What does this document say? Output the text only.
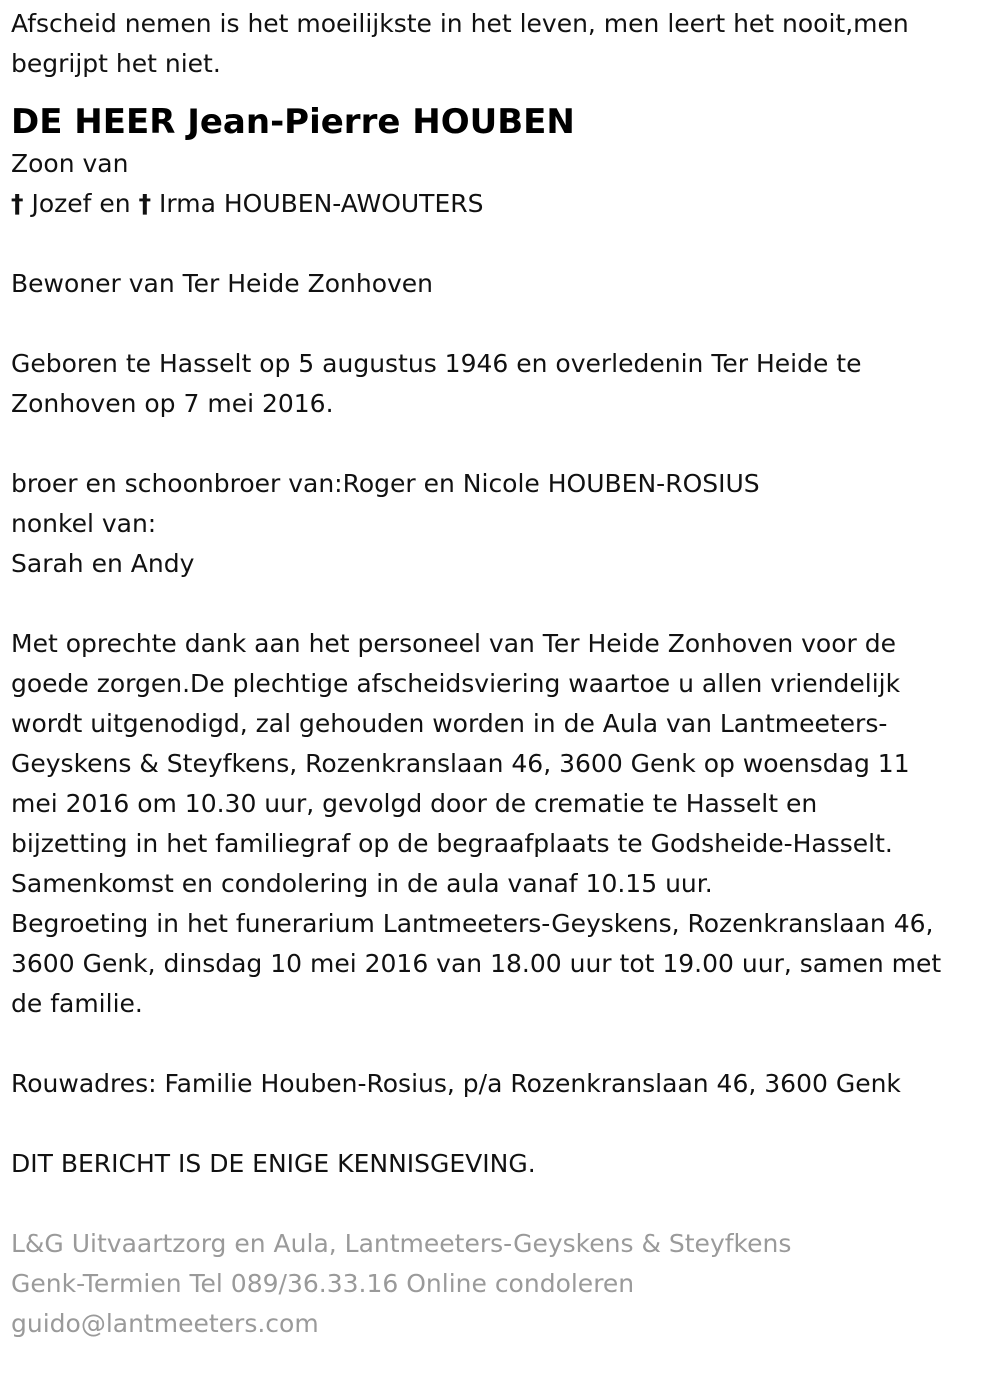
Afscheid nemen is het moeilijkste in het leven, men leert het nooit,men

begrijpt het niet.

DE HEER Jean-Pierre HOUBEN

Zoon van

† Jozef en † Irma HOUBEN-AWOUTERS

Bewoner van Ter Heide Zonhoven

Geboren te Hasselt op 5 augustus 1946 en overledenin Ter Heide te

Zonhoven op 7 mei 2016.

broer en schoonbroer van:Roger en Nicole HOUBEN-ROSIUS

nonkel van:

Sarah en Andy

Met oprechte dank aan het personeel van Ter Heide Zonhoven voor de

goede zorgen.De plechtige afscheidsviering waartoe u allen vriendelijk

wordt uitgenodigd, zal gehouden worden in de Aula van Lantmeeters-

Geyskens & Steyfkens, Rozenkranslaan 46, 3600 Genk op woensdag 11

mei 2016 om 10.30 uur, gevolgd door de crematie te Hasselt en

bijzetting in het familiegraf op de begraafplaats te Godsheide-Hasselt.

Samenkomst en condolering in de aula vanaf 10.15 uur.

Begroeting in het funerarium Lantmeeters-Geyskens, Rozenkranslaan 46,

3600 Genk, dinsdag 10 mei 2016 van 18.00 uur tot 19.00 uur, samen met

de familie.

Rouwadres: Familie Houben-Rosius, p/a Rozenkranslaan 46, 3600 Genk

DIT BERICHT IS DE ENIGE KENNISGEVING.

L&G Uitvaartzorg en Aula, Lantmeeters-Geyskens & Steyfkens

Genk-Termien Tel 089/36.33.16 Online condoleren

guido@lantmeeters.com
